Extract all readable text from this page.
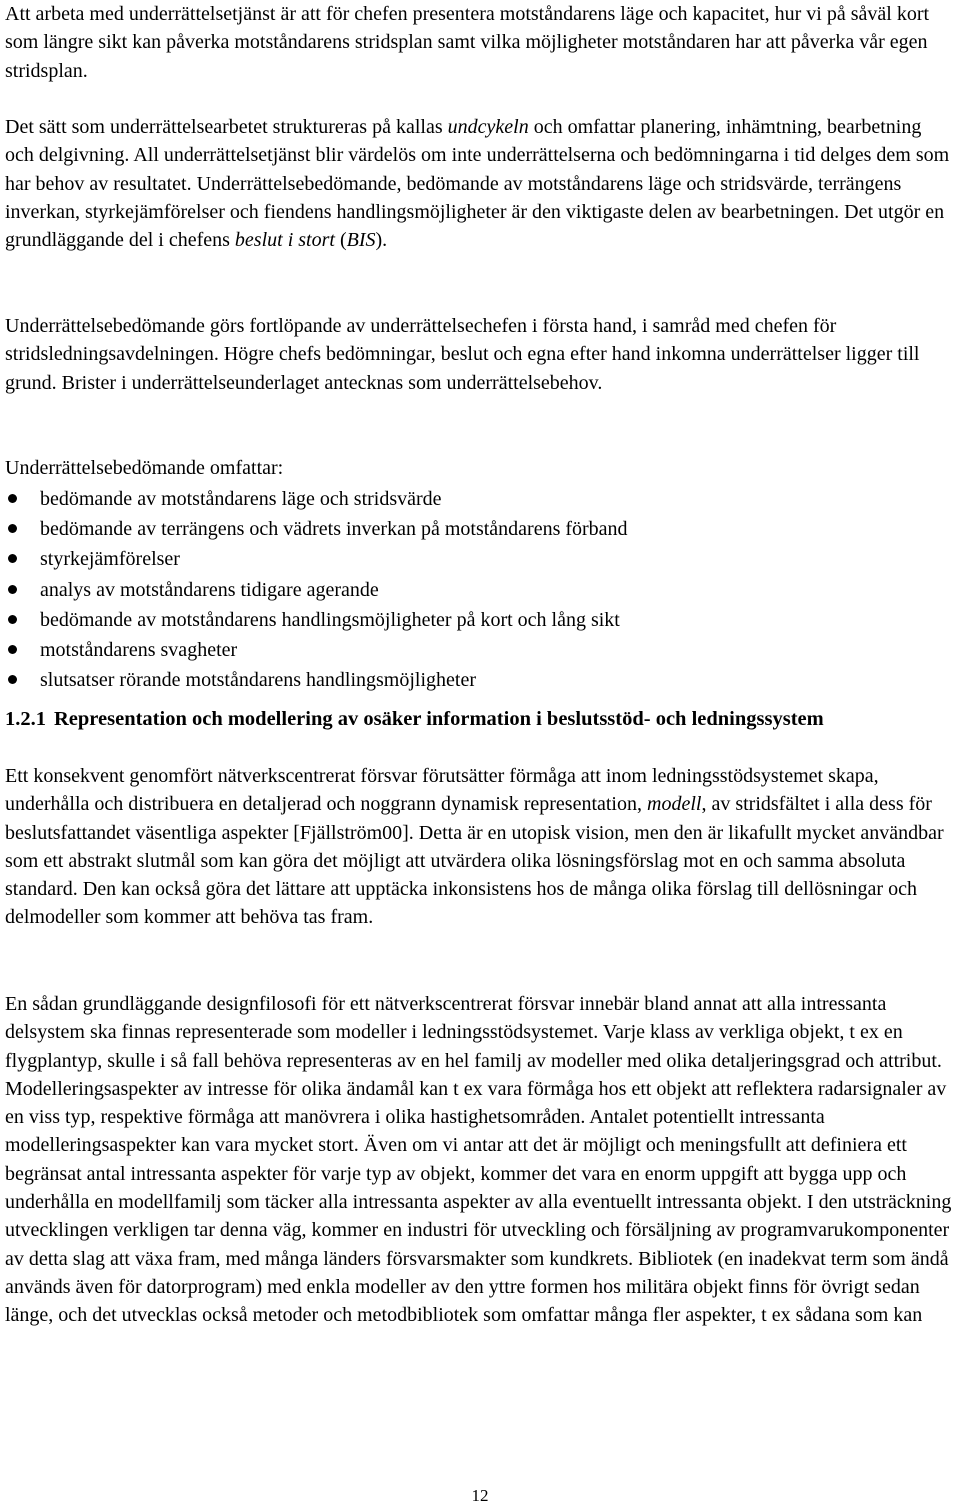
Att arbeta med underrättelsetjänst är att för chefen presentera motståndarens läge och kapacitet, hur vi på såväl kort som längre sikt kan påverka motståndarens stridsplan samt vilka möjligheter motståndaren har att påverka vår egen stridsplan.

Det sätt som underrättelsearbetet struktureras på kallas undcykeln och omfattar planering, inhämtning, bearbetning och delgivning. All underrättelsetjänst blir värdelös om inte underrättelserna och bedömningarna i tid delges dem som har behov av resultatet. Underrättelsebedömande, bedömande av motståndarens läge och stridsvärde, terrängens inverkan, styrkejämförelser och fiendens handlingsmöjligheter är den viktigaste delen av bearbetningen. Det utgör en grundläggande del i chefens beslut i stort (BIS).

Underrättelsebedömande görs fortlöpande av underrättelsechefen i första hand, i samråd med chefen för stridsledningsavdelningen. Högre chefs bedömningar, beslut och egna efter hand inkomna underrättelser ligger till grund. Brister i underrättelseunderlaget antecknas som underrättelsebehov.

Underrättelsebedömande omfattar:

bedömande av motståndarens läge och stridsvärde
bedömande av terrängens och vädrets inverkan på motståndarens förband
styrkejämförelser
analys av motståndarens tidigare agerande
bedömande av motståndarens handlingsmöjligheter på kort och lång sikt
motståndarens svagheter
slutsatser rörande motståndarens handlingsmöjligheter
1.2.1 Representation och modellering av osäker information i beslutsstöd- och ledningssystem

Ett konsekvent genomfört nätverkscentrerat försvar förutsätter förmåga att inom ledningsstödsystemet skapa, underhålla och distribuera en detaljerad och noggrann dynamisk representation, modell, av stridsfältet i alla dess för beslutsfattandet väsentliga aspekter [Fjällström00]. Detta är en utopisk vision, men den är likafullt mycket användbar som ett abstrakt slutmål som kan göra det möjligt att utvärdera olika lösningsförslag mot en och samma absoluta standard. Den kan också göra det lättare att upptäcka inkonsistens hos de många olika förslag till dellösningar och delmodeller som kommer att behöva tas fram.

En sådan grundläggande designfilosofi för ett nätverkscentrerat försvar innebär bland annat att alla intressanta delsystem ska finnas representerade som modeller i ledningsstödsystemet. Varje klass av verkliga objekt, t ex en flygplantyp, skulle i så fall behöva representeras av en hel familj av modeller med olika detaljeringsgrad och attribut. Modelleringsaspekter av intresse för olika ändamål kan t ex vara förmåga hos ett objekt att reflektera radarsignaler av en viss typ, respektive förmåga att manövrera i olika hastighetsområden. Antalet potentiellt intressanta modelleringsaspekter kan vara mycket stort. Även om vi antar att det är möjligt och meningsfullt att definiera ett begränsat antal intressanta aspekter för varje typ av objekt, kommer det vara en enorm uppgift att bygga upp och underhålla en modellfamilj som täcker alla intressanta aspekter av alla eventuellt intressanta objekt. I den utsträckning utvecklingen verkligen tar denna väg, kommer en industri för utveckling och försäljning av programvarukomponenter av detta slag att växa fram, med många länders försvarsmakter som kundkrets. Bibliotek (en inadekvat term som ändå används även för datorprogram) med enkla modeller av den yttre formen hos militära objekt finns för övrigt sedan länge, och det utvecklas också metoder och metodbibliotek som omfattar många fler aspekter, t ex sådana som kan

12
